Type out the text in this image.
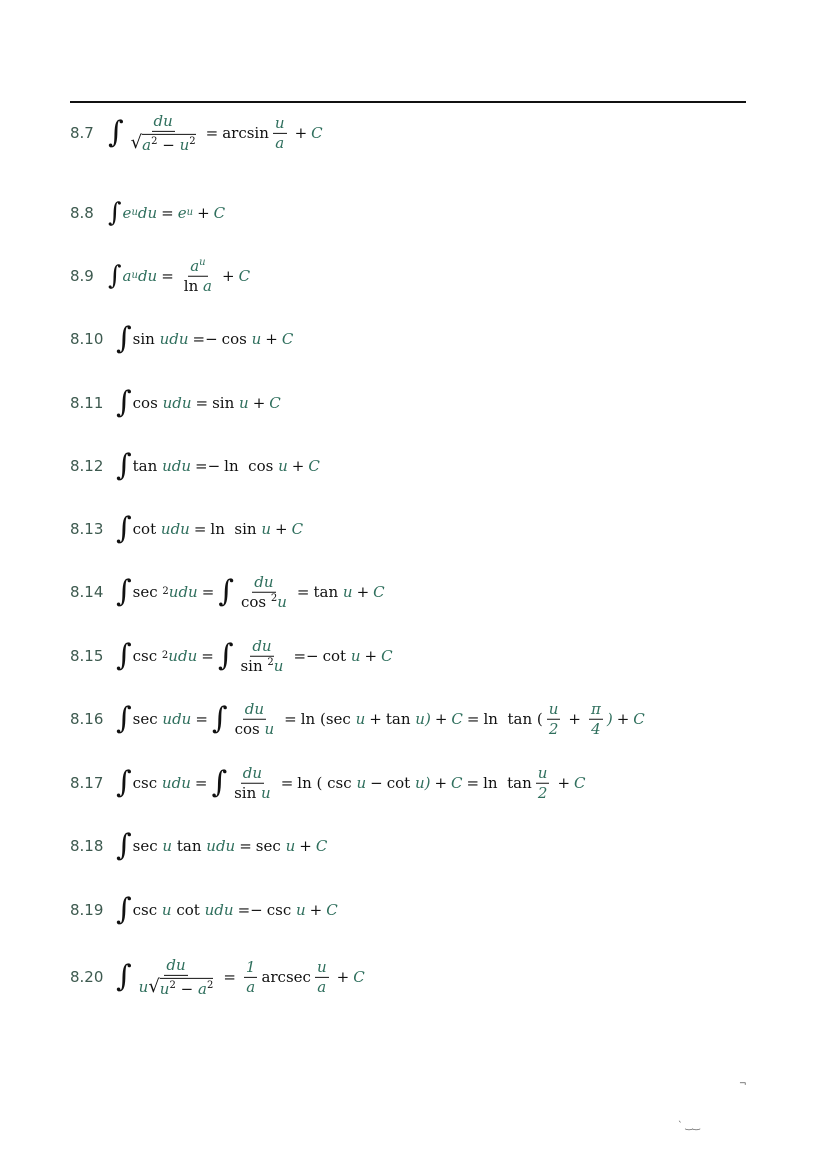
8.7 ∫ $\frac{du}{√ a^2 - u^2} = \arcsin \frac{u}{a} + C$
8.8 ∫ e u du = e u + C
8.9 ∫ a u du = $\frac{a^u}{\text{ln a}} + C$
8.10 ∫ sin
u du =− cos
u + C
8.11 ∫ cos
u du = sin
u + C
8.12 ∫ tan
u du =− ln
cos
u + C
8.13 ∫ cot
u du = ln
sin
u + C
8.14 ∫ sec
2 u du = ∫ $\frac{du}{\cos ^2u} = \tan$
u + C
8.15 ∫ csc
2 u du = ∫ $\frac{du}{\sin ^2u} =- \cot$
u + C
8.16 ∫ sec
u du = ∫ $\frac{du}{\text{cos u}} = \ln$
( sec
u + tan
u ) + C = ln
tan
( $\frac{u}{2} + \frac{\pi}{4}$ ) + C
8.17 ∫ csc
u du = ∫ $\frac{du}{\text{sin u}} = \ln$
(
csc
u − cot
u ) + C = ln
$\tan \frac{u}{2} + C$
8.18 ∫ sec
u
tan
u du = sec
u + C
8.19 ∫ csc
u
cot
u du =− csc
u + C
8.20 ∫ $\frac{du}{u √ u^2 - a^2} = \frac{1}{a}$ arcsec $\frac{u}{a} + C$
¬
` ‿‿
